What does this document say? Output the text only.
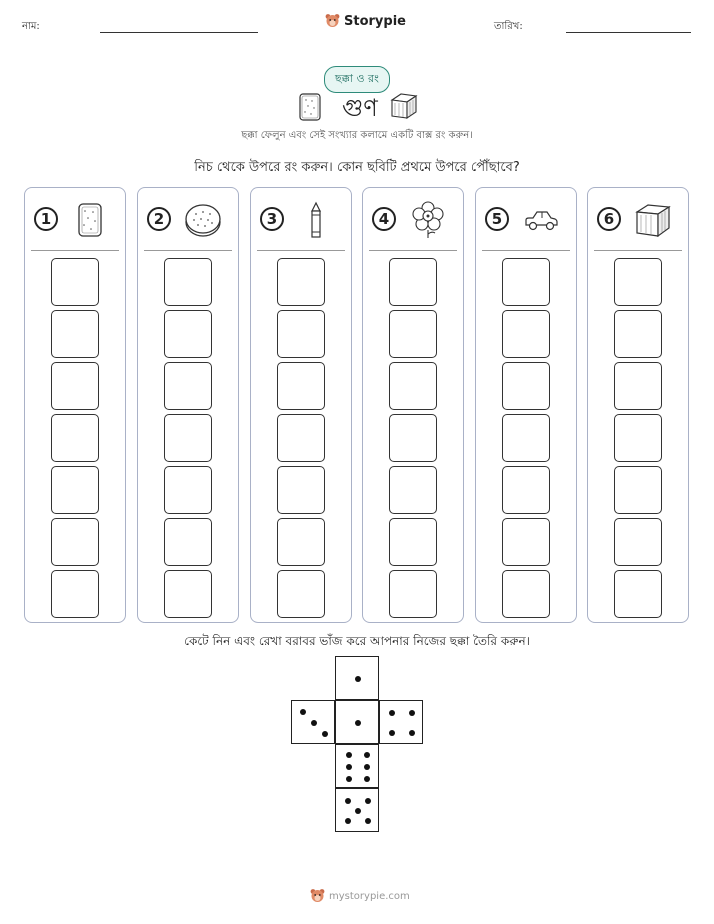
নাম:	Storypie	তারিখ:
ছক্কা ও রং
গুণ
ছক্কা ফেলুন এবং সেই সংখ্যার কলামে একটি বাক্স রং করুন।
নিচ থেকে উপরে রং করুন। কোন ছবিটি প্রথমে উপরে পৌঁছাবে?
1	2	3	4	5	6
কেটে নিন এবং রেখা বরাবর ভাঁজ করে আপনার নিজের ছক্কা তৈরি করুন।
mystorypie.com
